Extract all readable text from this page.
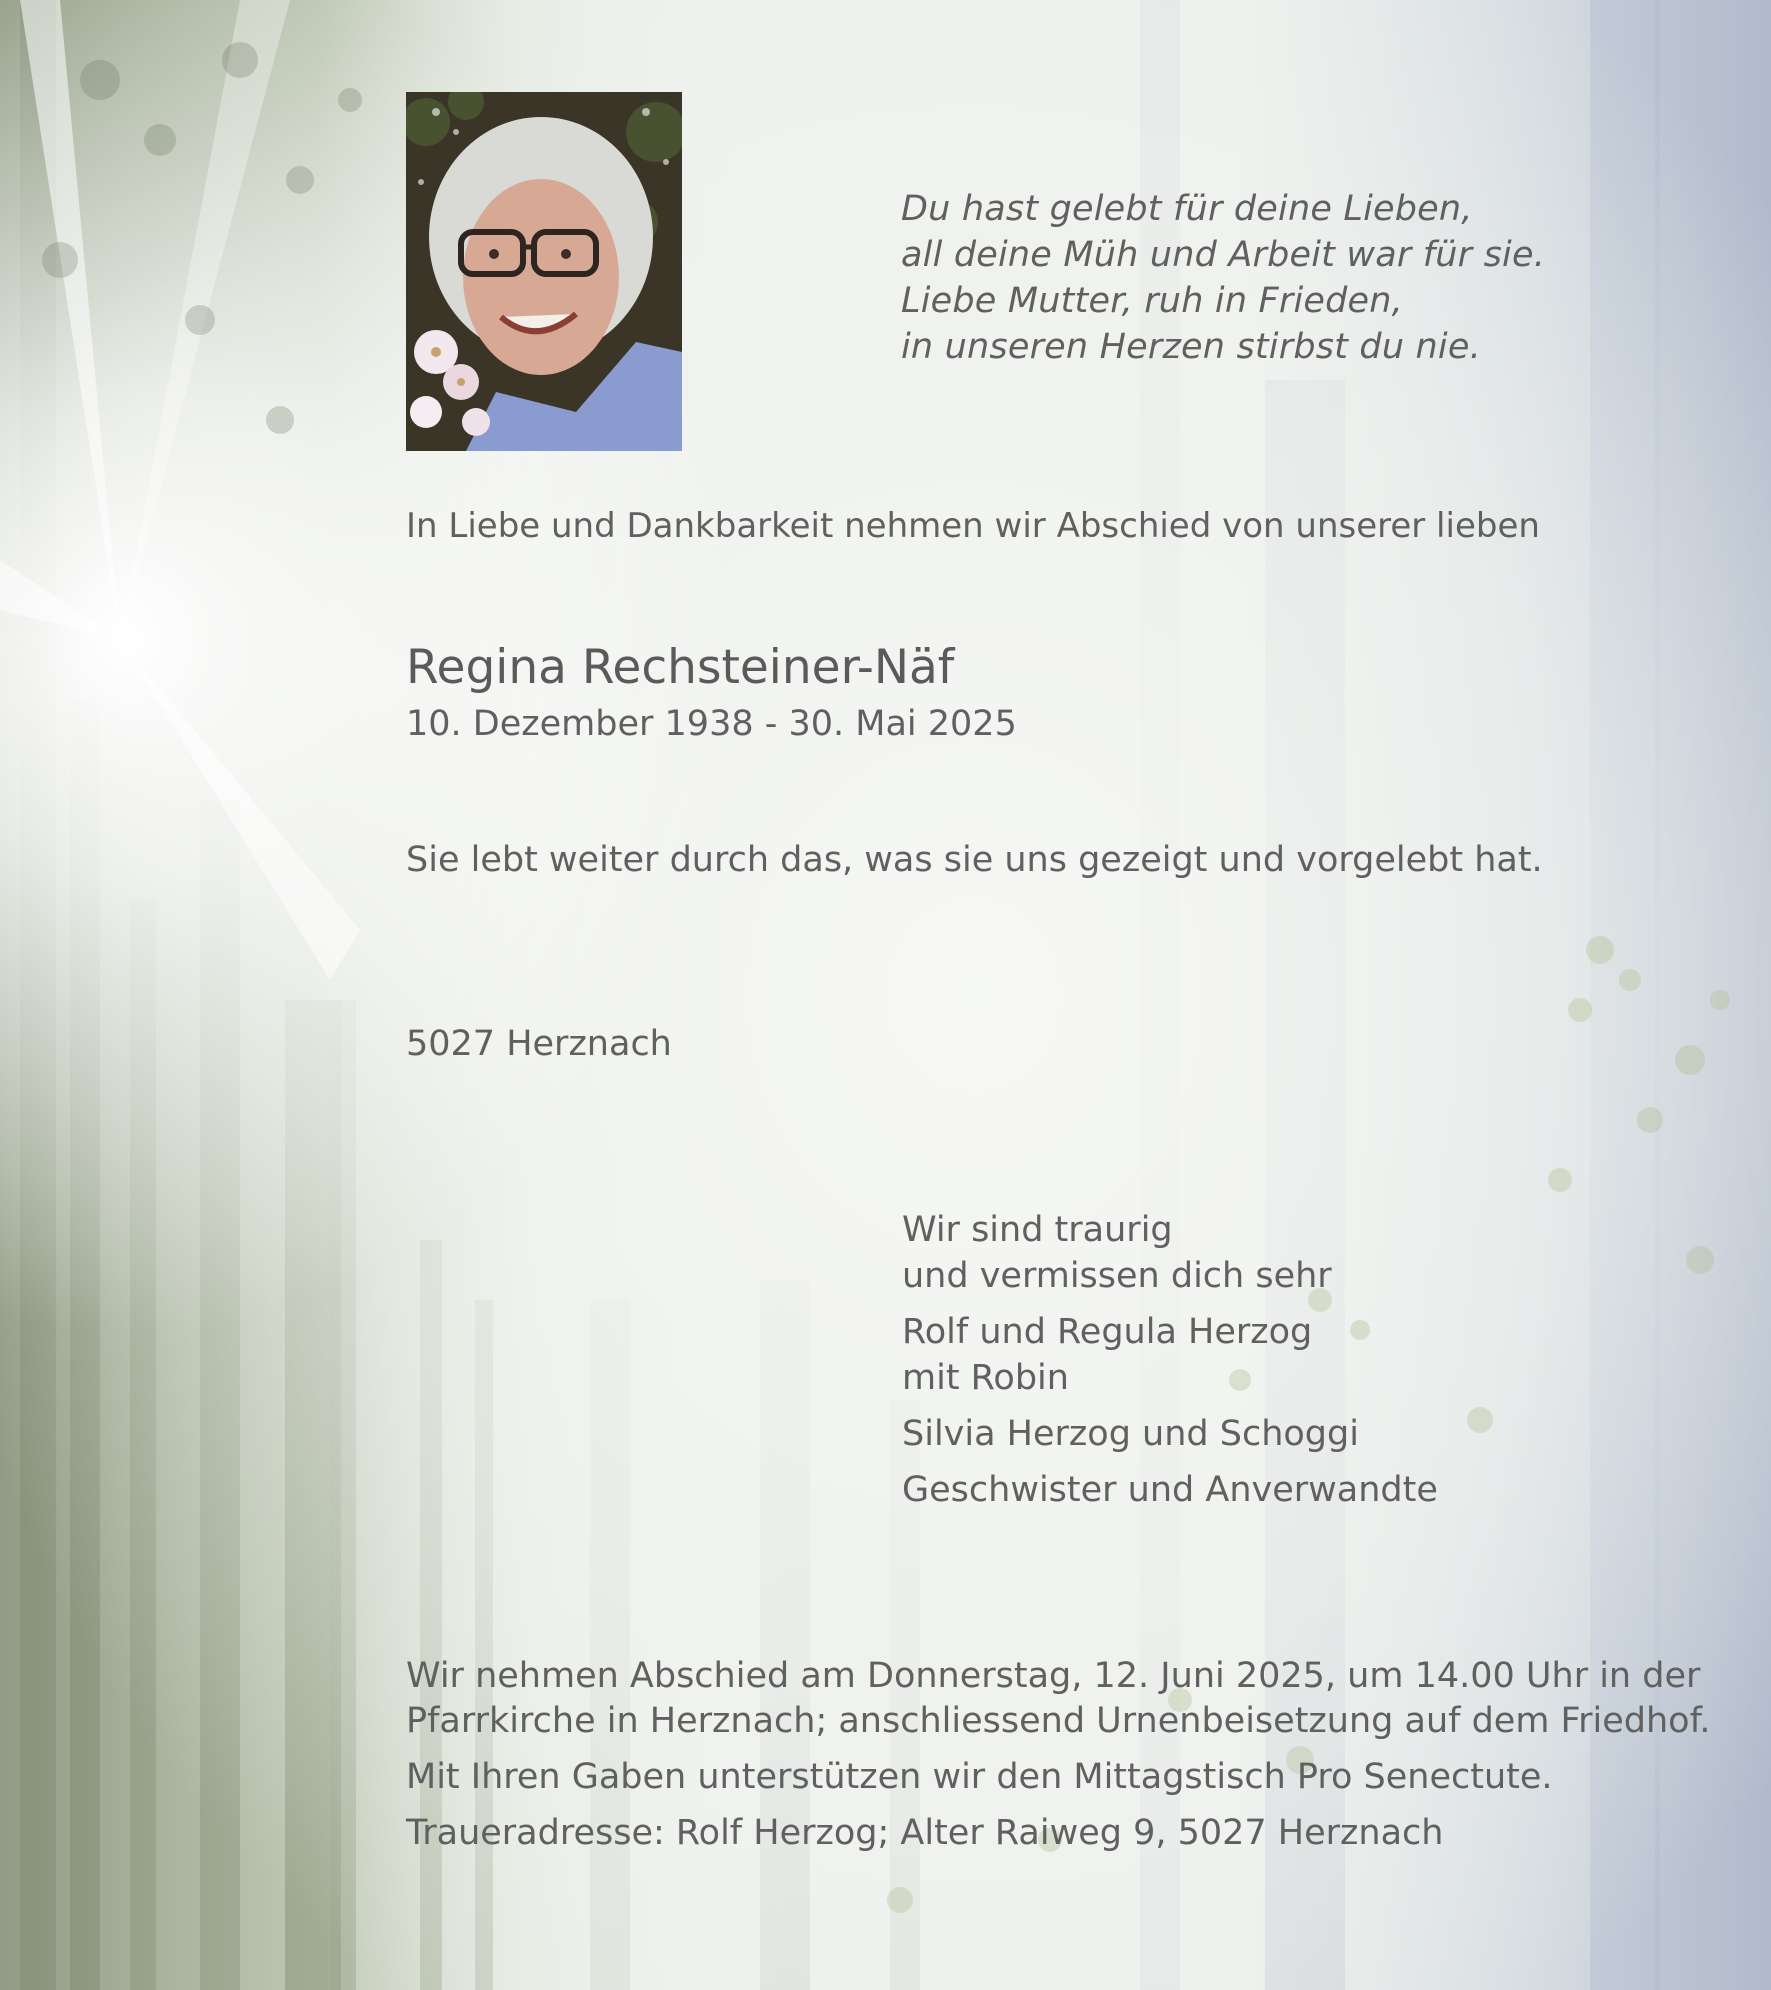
Du hast gelebt für deine Lieben,
all deine Müh und Arbeit war für sie.
Liebe Mutter, ruh in Frieden,
in unseren Herzen stirbst du nie.
In Liebe und Dankbarkeit nehmen wir Abschied von unserer lieben
Regina Rechsteiner-Näf
10. Dezember 1938 - 30. Mai 2025
Sie lebt weiter durch das, was sie uns gezeigt und vorgelebt hat.
5027 Herznach
Wir sind traurig
und vermissen dich sehr
Rolf und Regula Herzog
mit Robin
Silvia Herzog und Schoggi
Geschwister und Anverwandte

Wir nehmen Abschied am Donnerstag, 12. Juni 2025, um 14.00 Uhr in der Pfarrkirche in Herznach; anschliessend Urnenbeisetzung auf dem Friedhof.

Mit Ihren Gaben unterstützen wir den Mittagstisch Pro Senectute.

Traueradresse: Rolf Herzog; Alter Raiweg 9, 5027 Herznach
